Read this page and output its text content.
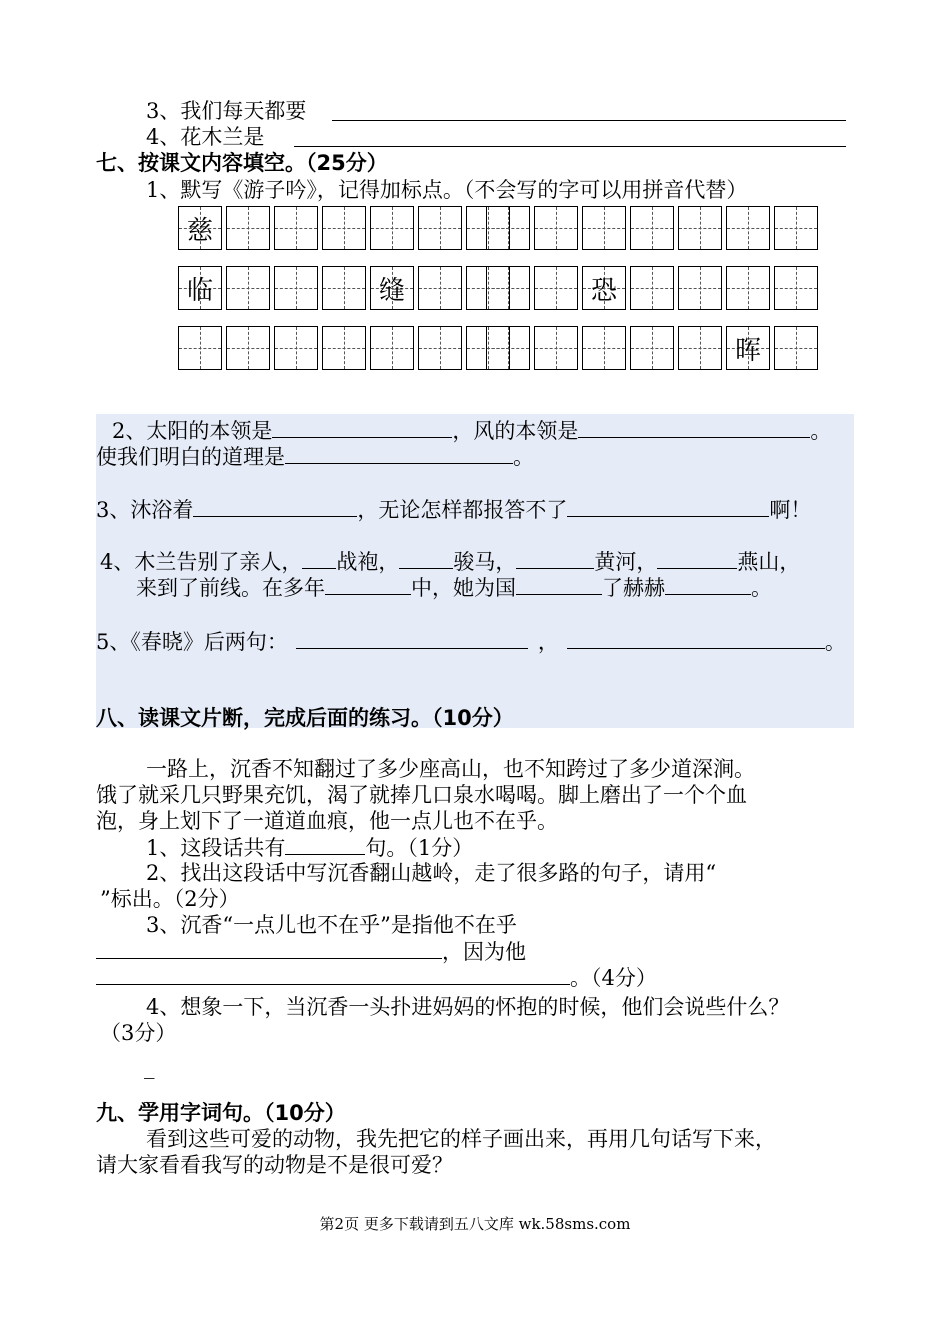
3、我们每天都要
4、花木兰是
七、按课文内容填空。（25分）
1、默写《游子吟》，记得加标点。（不会写的字可以用拼音代替）
慈
临	缝	恐
晖
2、太阳的本领是	，风的本领是	。
使我们明白的道理是	。
3、沐浴着	，无论怎样都报答不了	啊！
4、木兰告别了亲人， 战袍，	骏马，	黄河，	燕山，
来到了前线。在多年	中，她为国	了赫赫	。
5、《春晓》后两句：	，	。
八、读课文片断，完成后面的练习。（10分）
一路上，沉香不知翻过了多少座高山，也不知跨过了多少道深涧。
饿了就采几只野果充饥，渴了就捧几口泉水喝喝。脚上磨出了一个个血
泡，身上划下了一道道血痕，他一点儿也不在乎。
1、这段话共有	句。（1分）
2、找出这段话中写沉香翻山越岭，走了很多路的句子，请用“
”标出。（2分）
3、沉香“一点儿也不在乎”是指他不在乎
，因为他
。（4分）
4、想象一下，当沉香一头扑进妈妈的怀抱的时候，他们会说些什么？
（3分）
_
_
九、学用字词句。（10分）
看到这些可爱的动物，我先把它的样子画出来，再用几句话写下来，
请大家看看我写的动物是不是很可爱？
第2页 更多下载请到五八文库 wk.58sms.com
